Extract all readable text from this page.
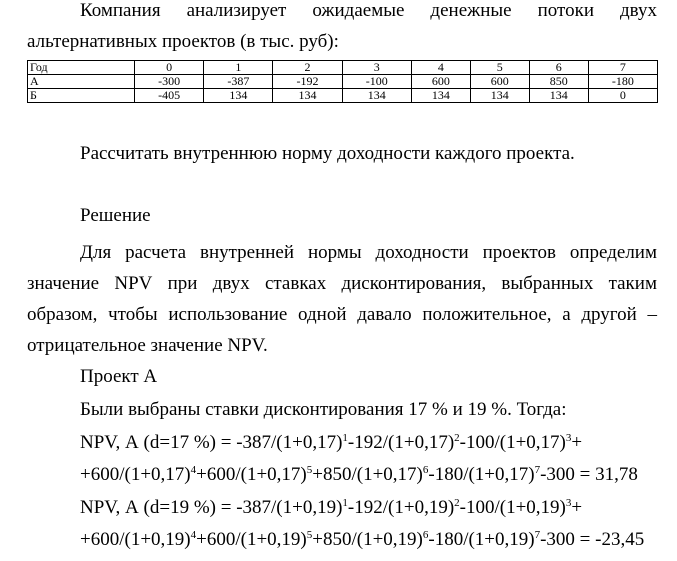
Компания анализирует ожидаемые денежные потоки двух
альтернативных проектов (в тыс. руб):
Год	0	1	2	3	4	5	6	7
А	-300	-387	-192	-100	600	600	850	-180
Б	-405	134	134	134	134	134	134	0
Рассчитать внутреннюю норму доходности каждого проекта.
Решение
Для расчета внутренней нормы доходности проектов определим
значение NPV при двух ставках дисконтирования, выбранных таким
образом, чтобы использование одной давало положительное, а другой –
отрицательное значение NPV.
Проект А
Были выбраны ставки дисконтирования 17 % и 19 %. Тогда:
NPV, А (d=17 %) = $-387/(1+0,17)^1-192/(1+0,17)^2-100/(1+0,17)^3+$
$+600/(1+0,17)^4+600/(1+0,17)^5+850/(1+0,17)^6-180/(1+0,17)^7-300 = 31,78$
NPV, А (d=19 %) = $-387/(1+0,19)^1-192/(1+0,19)^2-100/(1+0,19)^3+$
$+600/(1+0,19)^4+600/(1+0,19)^5+850/(1+0,19)^6-180/(1+0,19)^7-300 = -23,45$
